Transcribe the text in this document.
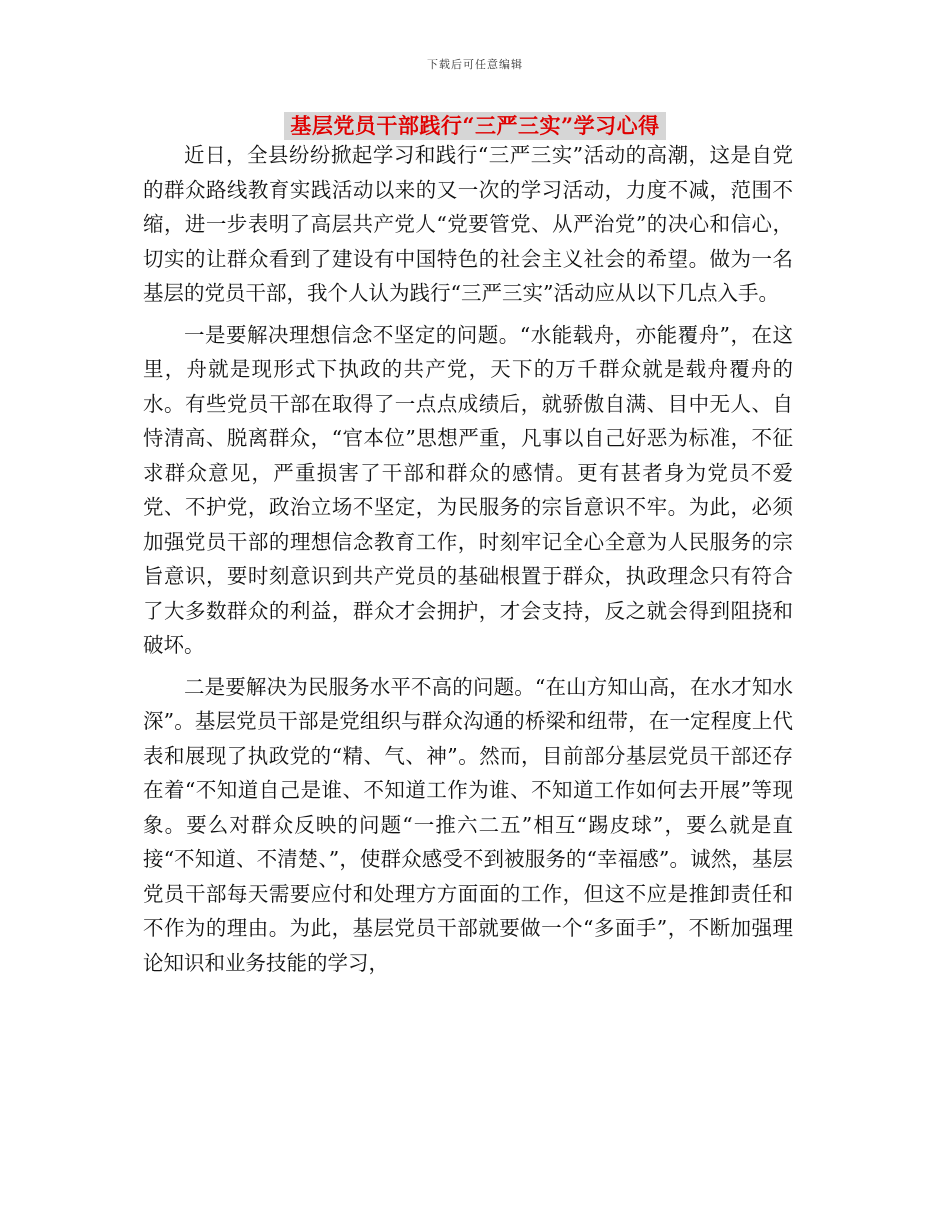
下载后可任意编辑
基层党员干部践行“三严三实”学习心得

近日，全县纷纷掀起学习和践行“三严三实”活动的高潮，这是自党的群众路线教育实践活动以来的又一次的学习活动，力度不减，范围不缩，进一步表明了高层共产党人“党要管党、从严治党”的决心和信心，切实的让群众看到了建设有中国特色的社会主义社会的希望。做为一名基层的党员干部，我个人认为践行“三严三实”活动应从以下几点入手。

一是要解决理想信念不坚定的问题。“水能载舟，亦能覆舟”，在这里，舟就是现形式下执政的共产党，天下的万千群众就是载舟覆舟的水。有些党员干部在取得了一点点成绩后，就骄傲自满、目中无人、自恃清高、脱离群众，“官本位”思想严重，凡事以自己好恶为标准，不征求群众意见，严重损害了干部和群众的感情。更有甚者身为党员不爱党、不护党，政治立场不坚定，为民服务的宗旨意识不牢。为此，必须加强党员干部的理想信念教育工作，时刻牢记全心全意为人民服务的宗旨意识，要时刻意识到共产党员的基础根置于群众，执政理念只有符合了大多数群众的利益，群众才会拥护，才会支持，反之就会得到阻挠和破坏。

二是要解决为民服务水平不高的问题。“在山方知山高，在水才知水深”。基层党员干部是党组织与群众沟通的桥梁和纽带，在一定程度上代表和展现了执政党的“精、气、神”。然而，目前部分基层党员干部还存在着“不知道自己是谁、不知道工作为谁、不知道工作如何去开展”等现象。要么对群众反映的问题“一推六二五”相互“踢皮球”，要么就是直接“不知道、不清楚、”，使群众感受不到被服务的“幸福感”。诚然，基层党员干部每天需要应付和处理方方面面的工作，但这不应是推卸责任和不作为的理由。为此，基层党员干部就要做一个“多面手”，不断加强理论知识和业务技能的学习，
